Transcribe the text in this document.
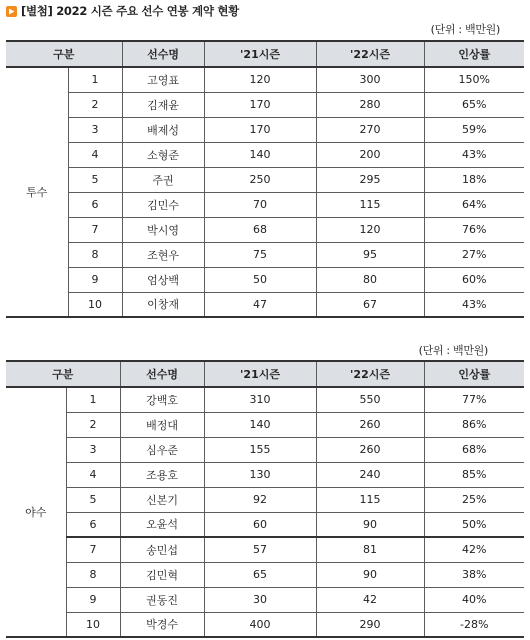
[별첨] 2022 시즌 주요 선수 연봉 계약 현황
(단위 : 백만원)
구분		선수명	'21시즌	'22시즌	인상률
투수	1	고영표	120	300	150%
	2	김재윤	170	280	65%
	3	배제성	170	270	59%
	4	소형준	140	200	43%
	5	주권	250	295	18%
	6	김민수	70	115	64%
	7	박시영	68	120	76%
	8	조현우	75	95	27%
	9	엄상백	50	80	60%
	10	이창재	47	67	43%
(단위 : 백만원)
구분		선수명	'21시즌	'22시즌	인상률
야수	1	강백호	310	550	77%
	2	배정대	140	260	86%
	3	심우준	155	260	68%
	4	조용호	130	240	85%
	5	신본기	92	115	25%
	6	오윤석	60	90	50%
	7	송민섭	57	81	42%
	8	김민혁	65	90	38%
	9	권동진	30	42	40%
	10	박경수	400	290	-28%
